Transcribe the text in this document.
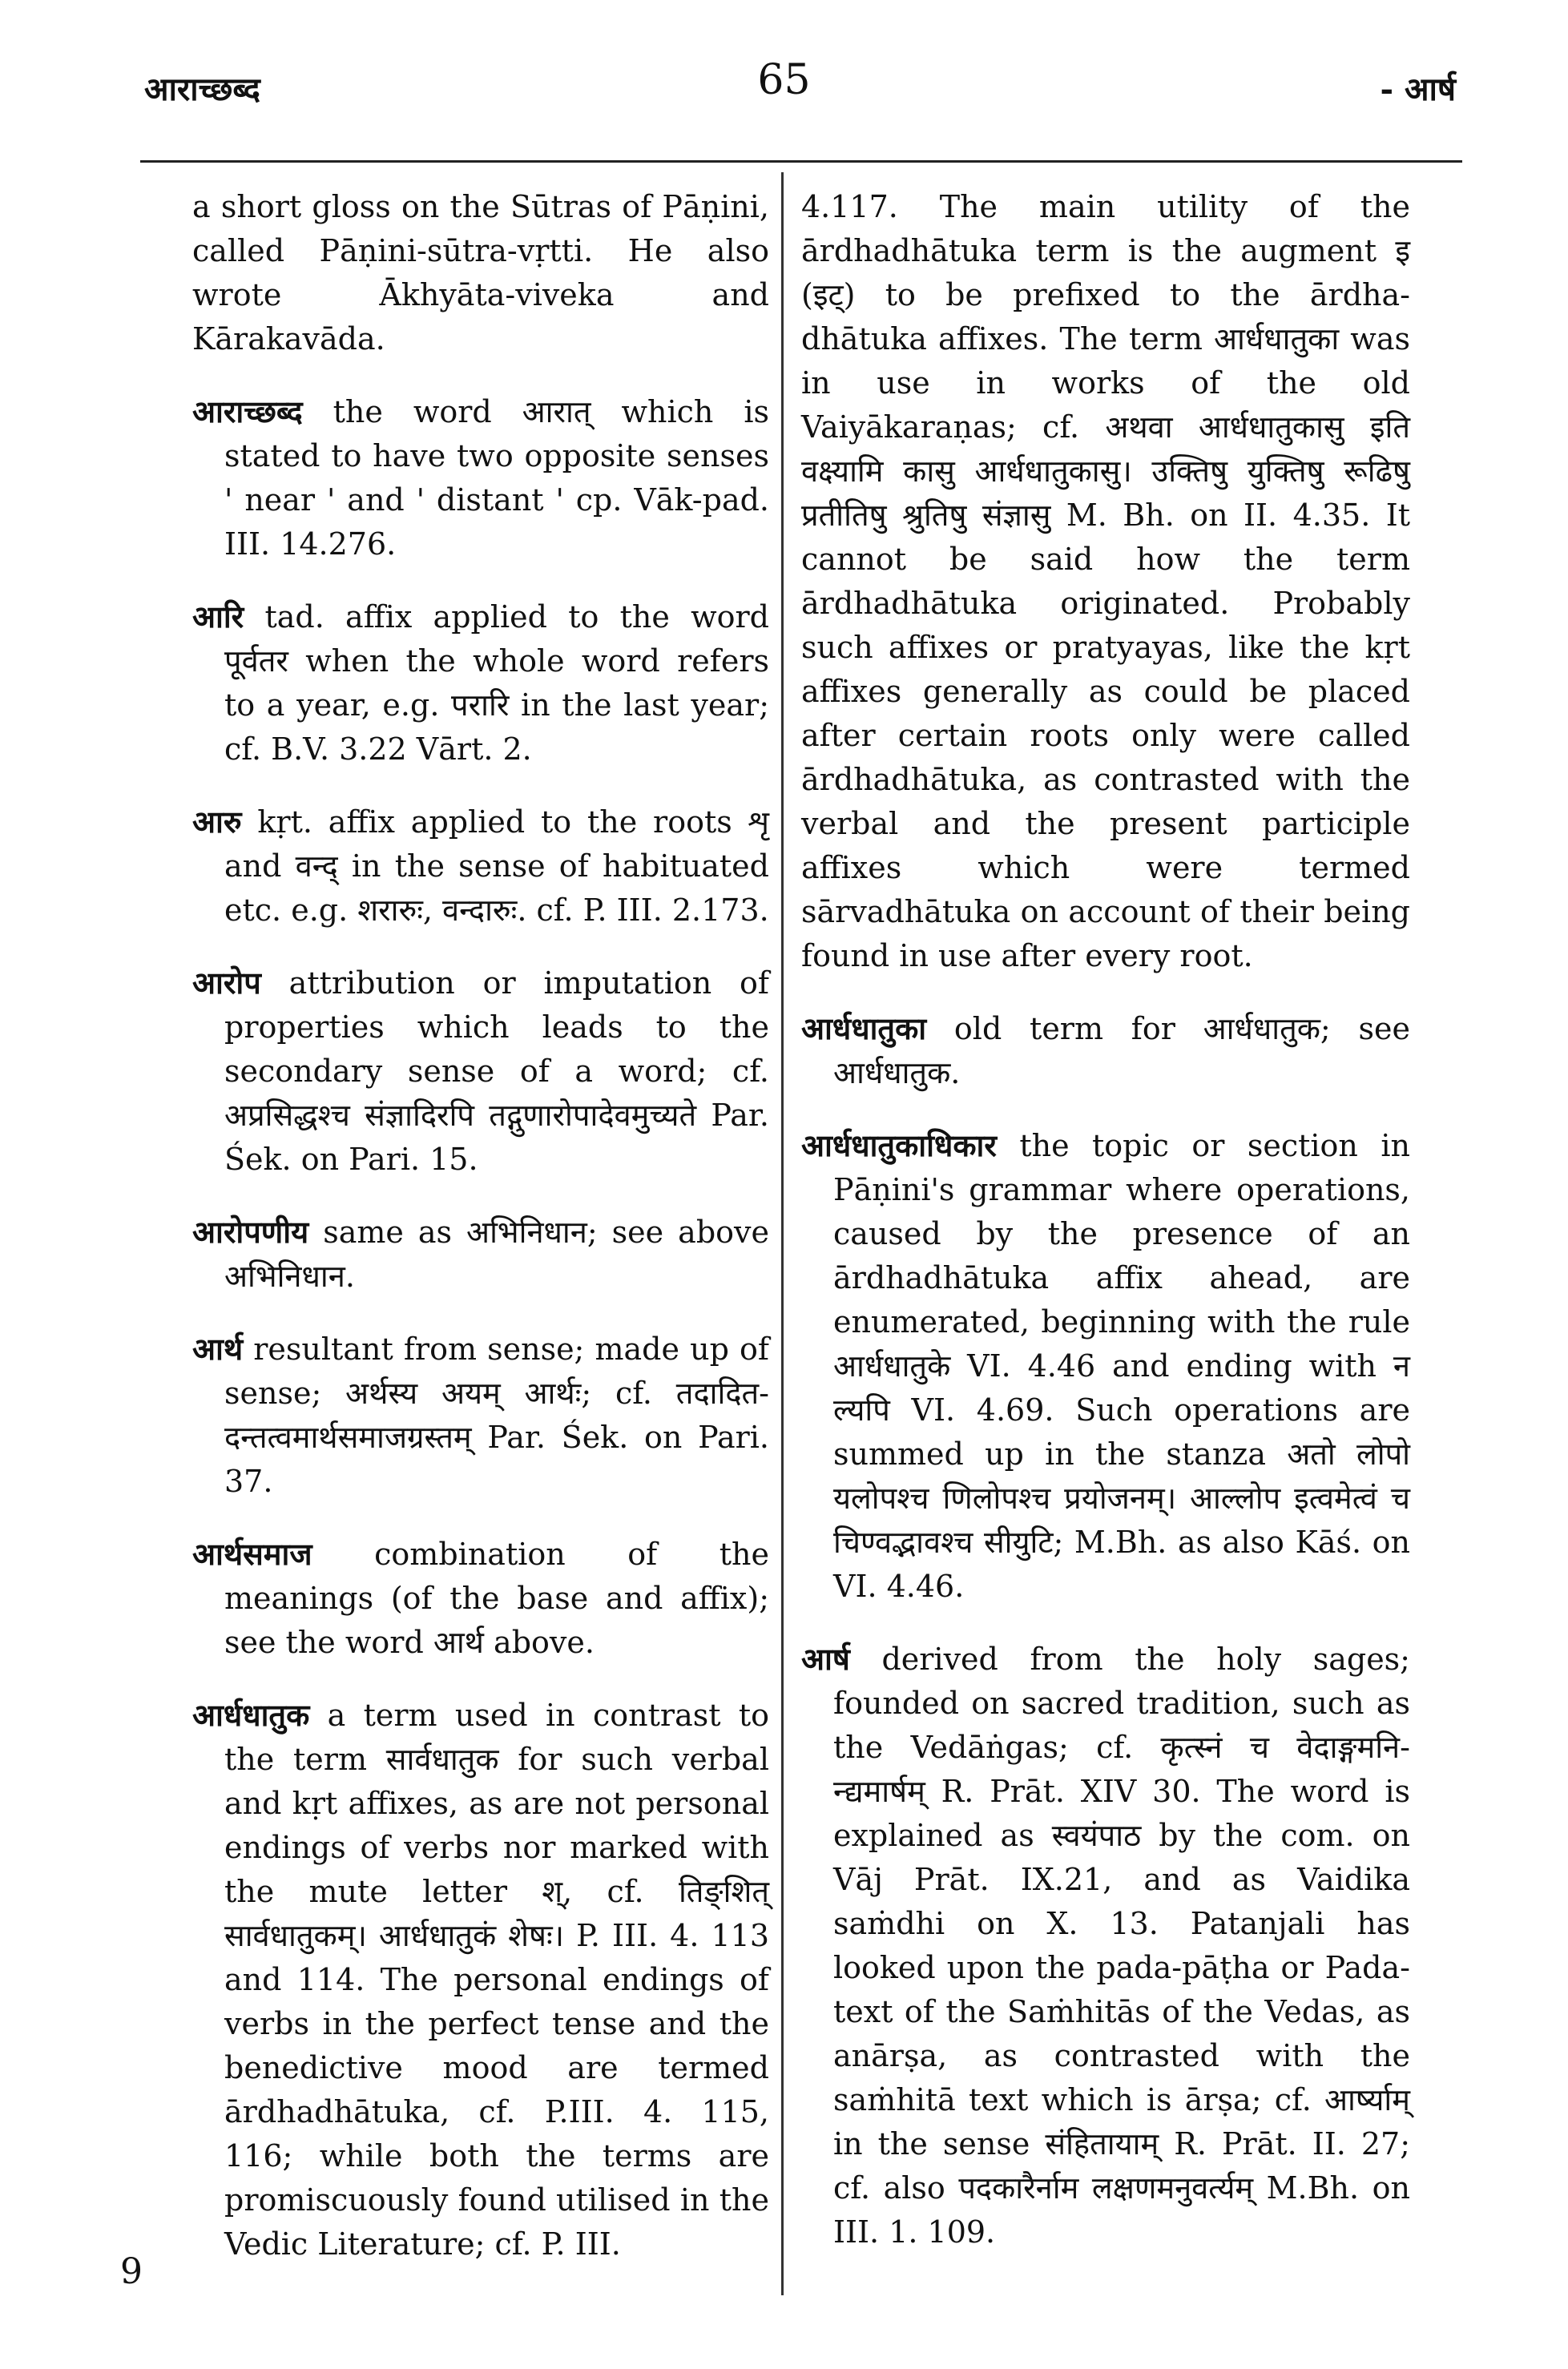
आराच्छब्द	65	- आर्ष

a short gloss on the Sūtras of Pāṇini, called Pāṇini-sūtra-vṛtti. He also wrote Ākhyāta-viveka and Kārakavāda.

आराच्छब्द the word आरात् which is stated to have two opposite senses ' near ' and ' distant ' cp. Vāk-pad. III. 14.276.

आरि tad. affix applied to the word पूर्वतर when the whole word refers to a year, e.g. परारि in the last year; cf. B.V. 3.22 Vārt. 2.

आरु kṛt. affix applied to the roots शृ and वन्द् in the sense of habituated etc. e.g. शरारुः, वन्दारुः. cf. P. III. 2.173.

आरोप attribution or imputation of properties which leads to the secondary sense of a word; cf. अप्रसिद्धश्च संज्ञादिरपि तद्गुणारोपादेवमुच्यते Par. Śek. on Pari. 15.

आरोपणीय same as अभिनिधान; see above अभिनिधान.

आर्थ resultant from sense; made up of sense; अर्थस्य अयम् आर्थः; cf. तदादित-दन्तत्वमार्थसमाजग्रस्तम् Par. Śek. on Pari. 37.

आर्थसमाज combination of the meanings (of the base and affix); see the word आर्थ above.

आर्धधातुक a term used in contrast to the term सार्वधातुक for such verbal and kṛt affixes, as are not personal endings of verbs nor marked with the mute letter श्, cf. तिङ्शित् सार्वधातुकम्। आर्धधातुकं शेषः। P. III. 4. 113 and 114. The personal endings of verbs in the perfect tense and the benedictive mood are termed ārdhadhātuka, cf. P.III. 4. 115, 116; while both the terms are promiscuously found utilised in the Vedic Literature; cf. P. III.

4.117. The main utility of the ārdhadhātuka term is the augment इ (इट्) to be prefixed to the ārdha-dhātuka affixes. The term आर्धधातुका was in use in works of the old Vaiyākaraṇas; cf. अथवा आर्धधातुकासु इति वक्ष्यामि कासु आर्धधातुकासु। उक्तिषु युक्तिषु रूढिषु प्रतीतिषु श्रुतिषु संज्ञासु M. Bh. on II. 4.35. It cannot be said how the term ārdhadhātuka originated. Probably such affixes or pratyayas, like the kṛt affixes generally as could be placed after certain roots only were called ārdhadhātuka, as contrasted with the verbal and the present participle affixes which were termed sārvadhātuka on account of their being found in use after every root.

आर्धधातुका old term for आर्धधातुक; see आर्धधातुक.

आर्धधातुकाधिकार the topic or section in Pāṇini's grammar where operations, caused by the presence of an ārdhadhātuka affix ahead, are enumerated, beginning with the rule आर्धधातुके VI. 4.46 and ending with न ल्यपि VI. 4.69. Such operations are summed up in the stanza अतो लोपो यलोपश्च णिलोपश्च प्रयोजनम्। आल्लोप इत्वमेत्वं च चिण्वद्भावश्च सीयुटि; M.Bh. as also Kāś. on VI. 4.46.

आर्ष derived from the holy sages; founded on sacred tradition, such as the Vedāṅgas; cf. कृत्स्नं च वेदाङ्गमनि-न्द्यमार्षम् R. Prāt. XIV 30. The word is explained as स्वयंपाठ by the com. on Vāj Prāt. IX.21, and as Vaidika saṁdhi on X. 13. Patanjali has looked upon the pada-pāṭha or Pada-text of the Saṁhitās of the Vedas, as anārṣa, as contrasted with the saṁhitā text which is ārṣa; cf. आर्ष्याम् in the sense संहितायाम् R. Prāt. II. 27; cf. also पदकारैर्नाम लक्षणमनुवर्त्यम् M.Bh. on III. 1. 109.

9
